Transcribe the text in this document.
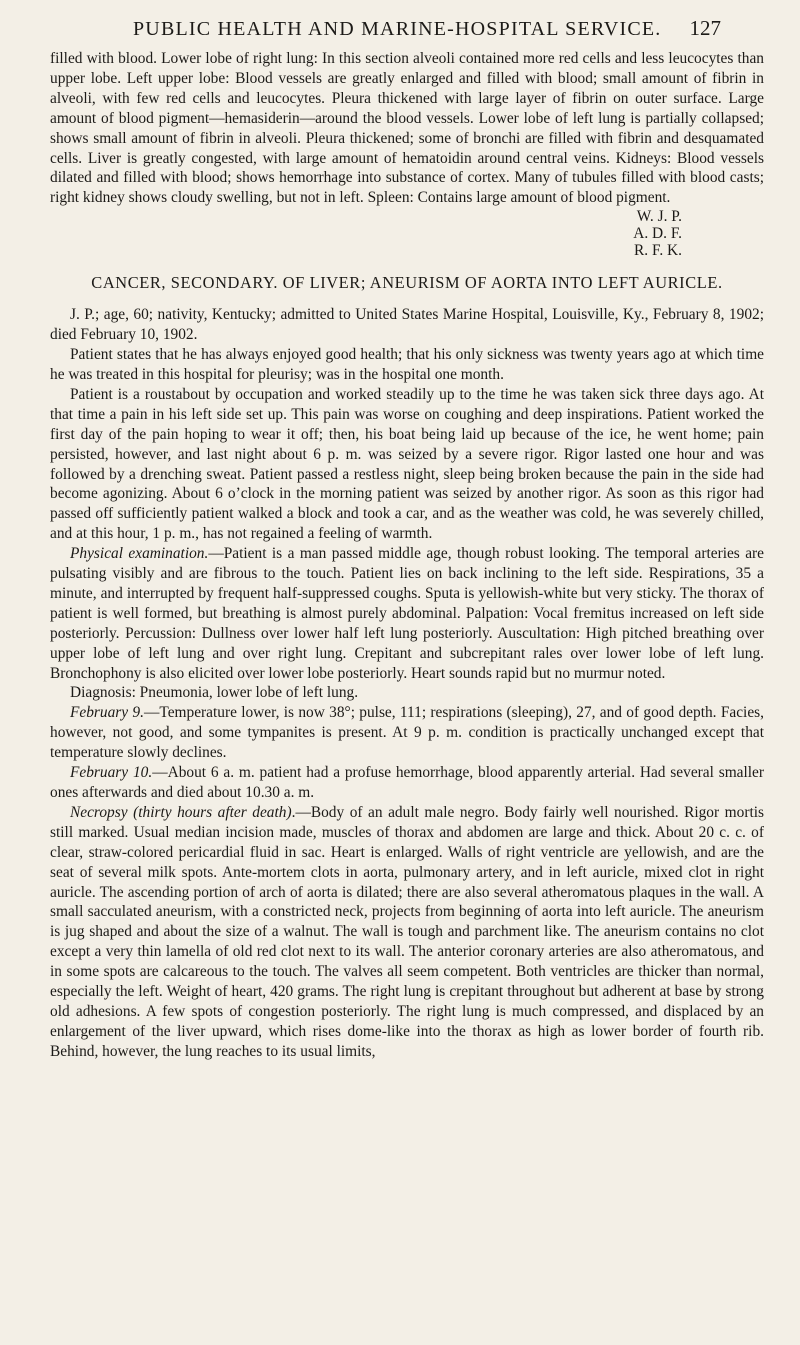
PUBLIC HEALTH AND MARINE-HOSPITAL SERVICE. 127

filled with blood. Lower lobe of right lung: In this section alveoli contained more red cells and less leucocytes than upper lobe. Left upper lobe: Blood vessels are greatly enlarged and filled with blood; small amount of fibrin in alveoli, with few red cells and leucocytes. Pleura thickened with large layer of fibrin on outer surface. Large amount of blood pigment—hemasiderin—around the blood vessels. Lower lobe of left lung is partially collapsed; shows small amount of fibrin in alveoli. Pleura thickened; some of bronchi are filled with fibrin and desquamated cells. Liver is greatly congested, with large amount of hematoidin around central veins. Kidneys: Blood vessels dilated and filled with blood; shows hemorrhage into substance of cortex. Many of tubules filled with blood casts; right kidney shows cloudy swelling, but not in left. Spleen: Contains large amount of blood pigment.

W. J. P.
A. D. F.
R. F. K.
CANCER, SECONDARY. OF LIVER; ANEURISM OF AORTA INTO LEFT AURICLE.

J. P.; age, 60; nativity, Kentucky; admitted to United States Marine Hospital, Louisville, Ky., February 8, 1902; died February 10, 1902.

Patient states that he has always enjoyed good health; that his only sickness was twenty years ago at which time he was treated in this hospital for pleurisy; was in the hospital one month.

Patient is a roustabout by occupation and worked steadily up to the time he was taken sick three days ago. At that time a pain in his left side set up. This pain was worse on coughing and deep inspirations. Patient worked the first day of the pain hoping to wear it off; then, his boat being laid up because of the ice, he went home; pain persisted, however, and last night about 6 p. m. was seized by a severe rigor. Rigor lasted one hour and was followed by a drenching sweat. Patient passed a restless night, sleep being broken because the pain in the side had become agonizing. About 6 o’clock in the morning patient was seized by another rigor. As soon as this rigor had passed off sufficiently patient walked a block and took a car, and as the weather was cold, he was severely chilled, and at this hour, 1 p. m., has not regained a feeling of warmth.

Physical examination.—Patient is a man passed middle age, though robust looking. The temporal arteries are pulsating visibly and are fibrous to the touch. Patient lies on back inclining to the left side. Respirations, 35 a minute, and interrupted by frequent half-suppressed coughs. Sputa is yellowish-white but very sticky. The thorax of patient is well formed, but breathing is almost purely abdominal. Palpation: Vocal fremitus increased on left side posteriorly. Percussion: Dullness over lower half left lung posteriorly. Auscultation: High pitched breathing over upper lobe of left lung and over right lung. Crepitant and subcrepitant rales over lower lobe of left lung. Bronchophony is also elicited over lower lobe posteriorly. Heart sounds rapid but no murmur noted.

Diagnosis: Pneumonia, lower lobe of left lung.

February 9.—Temperature lower, is now 38°; pulse, 111; respirations (sleeping), 27, and of good depth. Facies, however, not good, and some tympanites is present. At 9 p. m. condition is practically unchanged except that temperature slowly declines.

February 10.—About 6 a. m. patient had a profuse hemorrhage, blood apparently arterial. Had several smaller ones afterwards and died about 10.30 a. m.

Necropsy (thirty hours after death).—Body of an adult male negro. Body fairly well nourished. Rigor mortis still marked. Usual median incision made, muscles of thorax and abdomen are large and thick. About 20 c. c. of clear, straw-colored pericardial fluid in sac. Heart is enlarged. Walls of right ventricle are yellowish, and are the seat of several milk spots. Ante-mortem clots in aorta, pulmonary artery, and in left auricle, mixed clot in right auricle. The ascending portion of arch of aorta is dilated; there are also several atheromatous plaques in the wall. A small sacculated aneurism, with a constricted neck, projects from beginning of aorta into left auricle. The aneurism is jug shaped and about the size of a walnut. The wall is tough and parchment like. The aneurism contains no clot except a very thin lamella of old red clot next to its wall. The anterior coronary arteries are also atheromatous, and in some spots are calcareous to the touch. The valves all seem competent. Both ventricles are thicker than normal, especially the left. Weight of heart, 420 grams. The right lung is crepitant throughout but adherent at base by strong old adhesions. A few spots of congestion posteriorly. The right lung is much compressed, and displaced by an enlargement of the liver upward, which rises dome-like into the thorax as high as lower border of fourth rib. Behind, however, the lung reaches to its usual limits,
